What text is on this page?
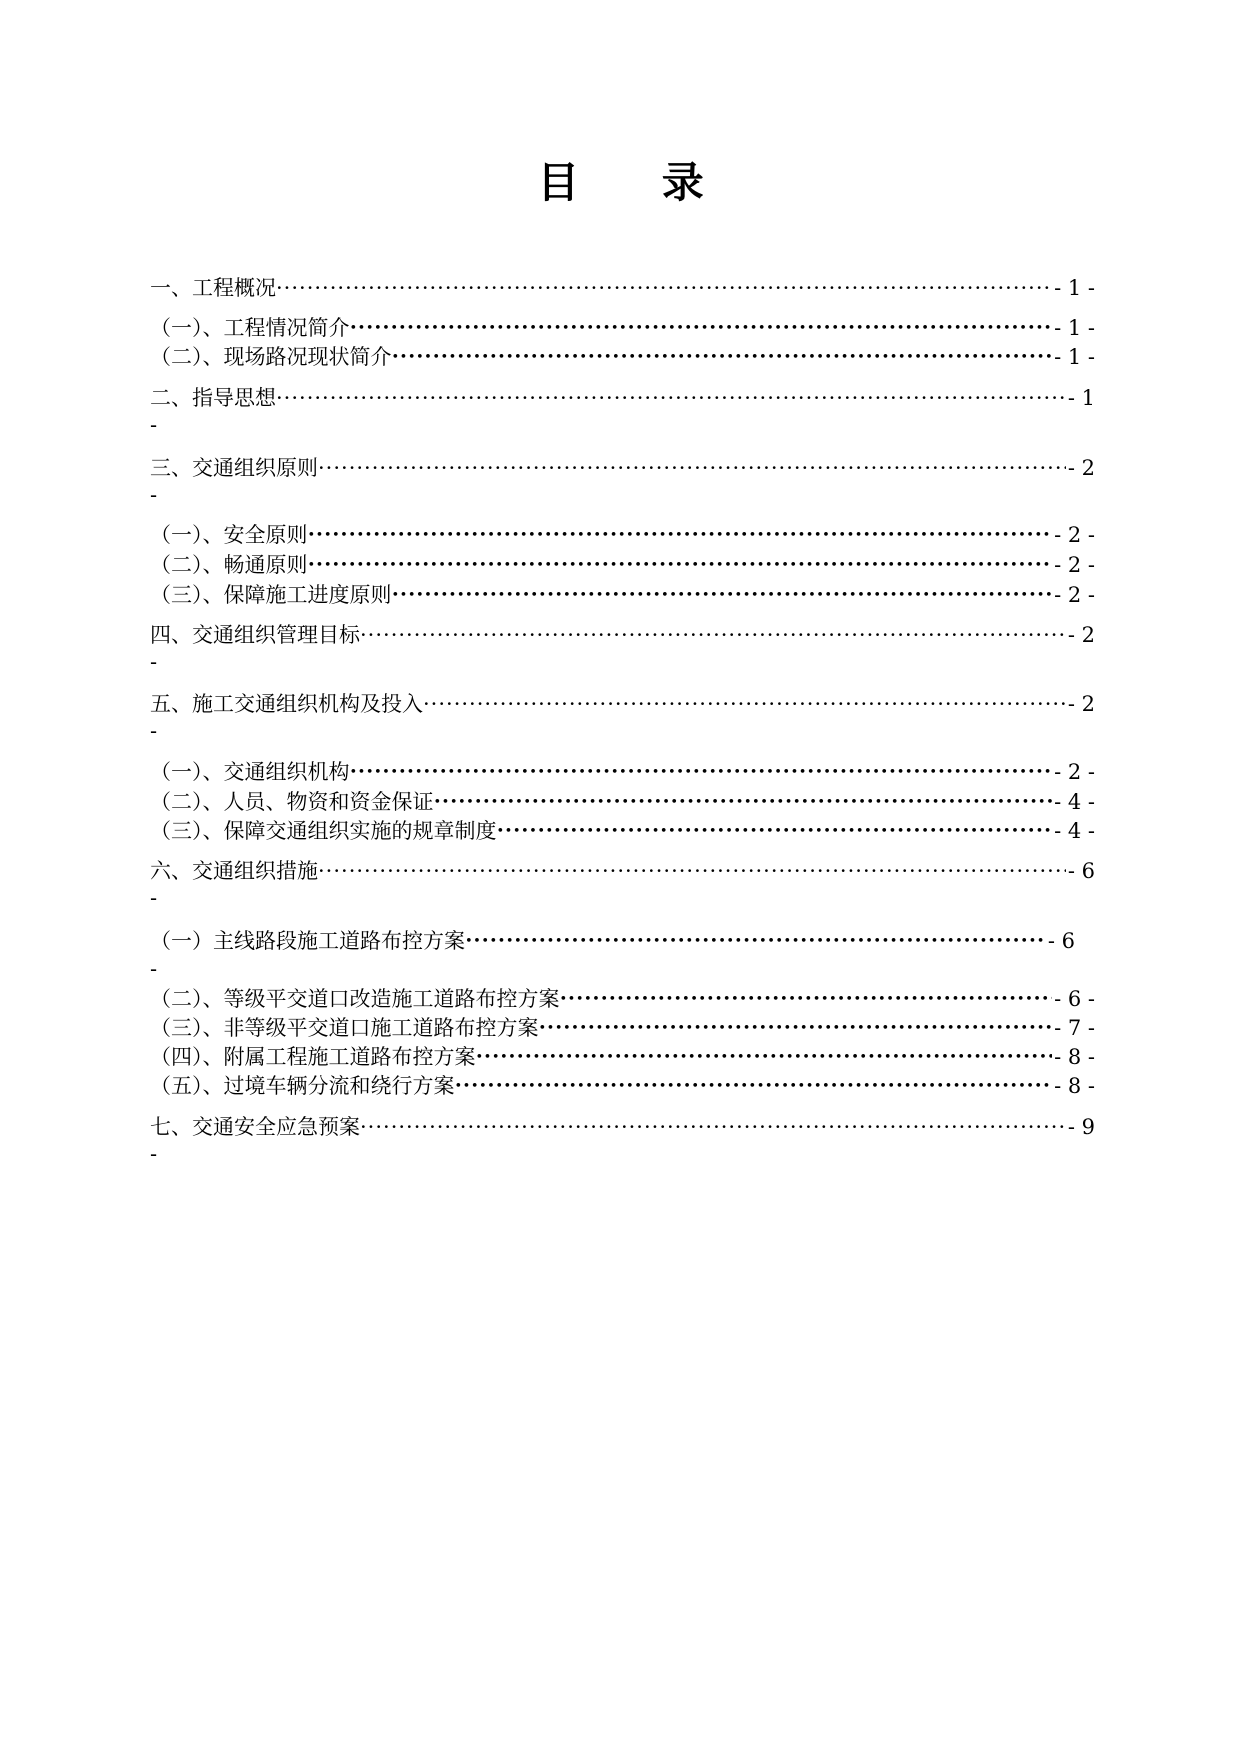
目 录
一、工程概况 ·····	- 1 -
（一）、工程情况简介 •••••	- 1 -
（二）、现场路况现状简介 •••••	- 1 -
二、指导思想 ·····	- 1
-
三、交通组织原则 ·····	- 2
-
（一）、安全原则 •••••	- 2 -
（二）、畅通原则 •••••	- 2 -
（三）、保障施工进度原则 •••••	- 2 -
四、交通组织管理目标 ·····	- 2
-
五、施工交通组织机构及投入 ·····	- 2
-
（一）、交通组织机构 •••••	- 2 -
（二）、人员、物资和资金保证 •••••	- 4 -
（三）、保障交通组织实施的规章制度 •••••	- 4 -
六、交通组织措施 ·····	- 6
-
（一）主线路段施工道路布控方案 •••••	- 6
-
（二）、等级平交道口改造施工道路布控方案 •••••	- 6 -
（三）、非等级平交道口施工道路布控方案 •••••	- 7 -
（四）、附属工程施工道路布控方案 •••••	- 8 -
（五）、过境车辆分流和绕行方案 •••••	- 8 -
七、交通安全应急预案 ·····	- 9
-
